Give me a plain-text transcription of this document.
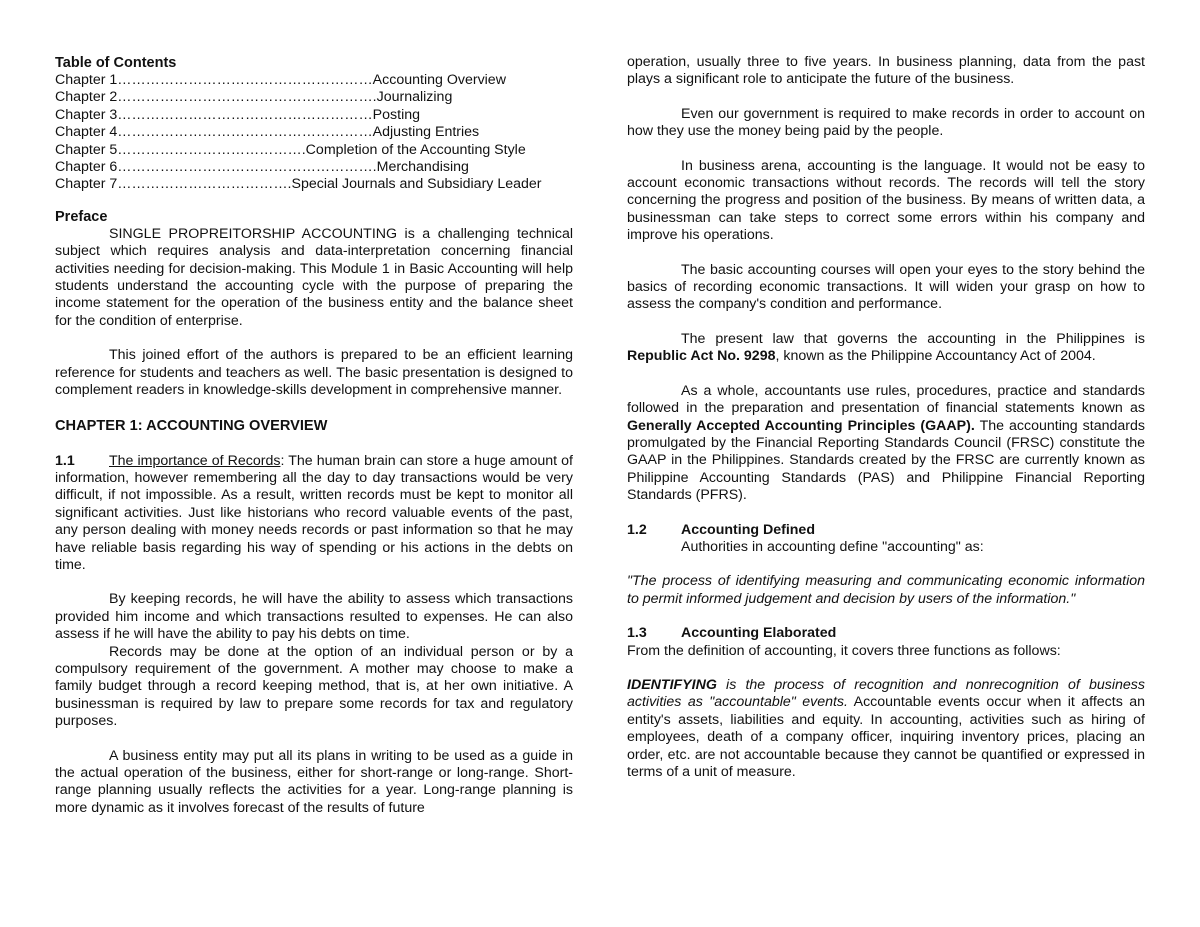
Table of Contents

Chapter 1………………………………………………Accounting Overview

Chapter 2……………………………………………….Journalizing

Chapter 3………………………………………………Posting

Chapter 4………………………………………………Adjusting Entries

Chapter 5………………………………….Completion of the Accounting Style

Chapter 6……………………………………………….Merchandising

Chapter 7……………………………….Special Journals and Subsidiary Leader

Preface

SINGLE PROPREITORSHIP ACCOUNTING is a challenging technical subject which requires analysis and data-interpretation concerning financial activities needing for decision-making. This Module 1 in Basic Accounting will help students understand the accounting cycle with the purpose of preparing the income statement for the operation of the business entity and the balance sheet for the condition of enterprise.

This joined effort of the authors is prepared to be an efficient learning reference for students and teachers as well. The basic presentation is designed to complement readers in knowledge-skills development in comprehensive manner.

CHAPTER 1: ACCOUNTING OVERVIEW

1.1 The importance of Records: The human brain can store a huge amount of information, however remembering all the day to day transactions would be very difficult, if not impossible. As a result, written records must be kept to monitor all significant activities. Just like historians who record valuable events of the past, any person dealing with money needs records or past information so that he may have reliable basis regarding his way of spending or his actions in the debts on time.

By keeping records, he will have the ability to assess which transactions provided him income and which transactions resulted to expenses. He can also assess if he will have the ability to pay his debts on time.

Records may be done at the option of an individual person or by a compulsory requirement of the government. A mother may choose to make a family budget through a record keeping method, that is, at her own initiative. A businessman is required by law to prepare some records for tax and regulatory purposes.

A business entity may put all its plans in writing to be used as a guide in the actual operation of the business, either for short-range or long-range. Short-range planning usually reflects the activities for a year. Long-range planning is more dynamic as it involves forecast of the results of future

operation, usually three to five years. In business planning, data from the past plays a significant role to anticipate the future of the business.

Even our government is required to make records in order to account on how they use the money being paid by the people.

In business arena, accounting is the language. It would not be easy to account economic transactions without records. The records will tell the story concerning the progress and position of the business. By means of written data, a businessman can take steps to correct some errors within his company and improve his operations.

The basic accounting courses will open your eyes to the story behind the basics of recording economic transactions. It will widen your grasp on how to assess the company's condition and performance.

The present law that governs the accounting in the Philippines is Republic Act No. 9298, known as the Philippine Accountancy Act of 2004.

As a whole, accountants use rules, procedures, practice and standards followed in the preparation and presentation of financial statements known as Generally Accepted Accounting Principles (GAAP). The accounting standards promulgated by the Financial Reporting Standards Council (FRSC) constitute the GAAP in the Philippines. Standards created by the FRSC are currently known as Philippine Accounting Standards (PAS) and Philippine Financial Reporting Standards (PFRS).

1.2 Accounting Defined

Authorities in accounting define "accounting" as:

"The process of identifying measuring and communicating economic information to permit informed judgement and decision by users of the information."

1.3 Accounting Elaborated

From the definition of accounting, it covers three functions as follows:

IDENTIFYING is the process of recognition and nonrecognition of business activities as "accountable" events. Accountable events occur when it affects an entity's assets, liabilities and equity. In accounting, activities such as hiring of employees, death of a company officer, inquiring inventory prices, placing an order, etc. are not accountable because they cannot be quantified or expressed in terms of a unit of measure.
